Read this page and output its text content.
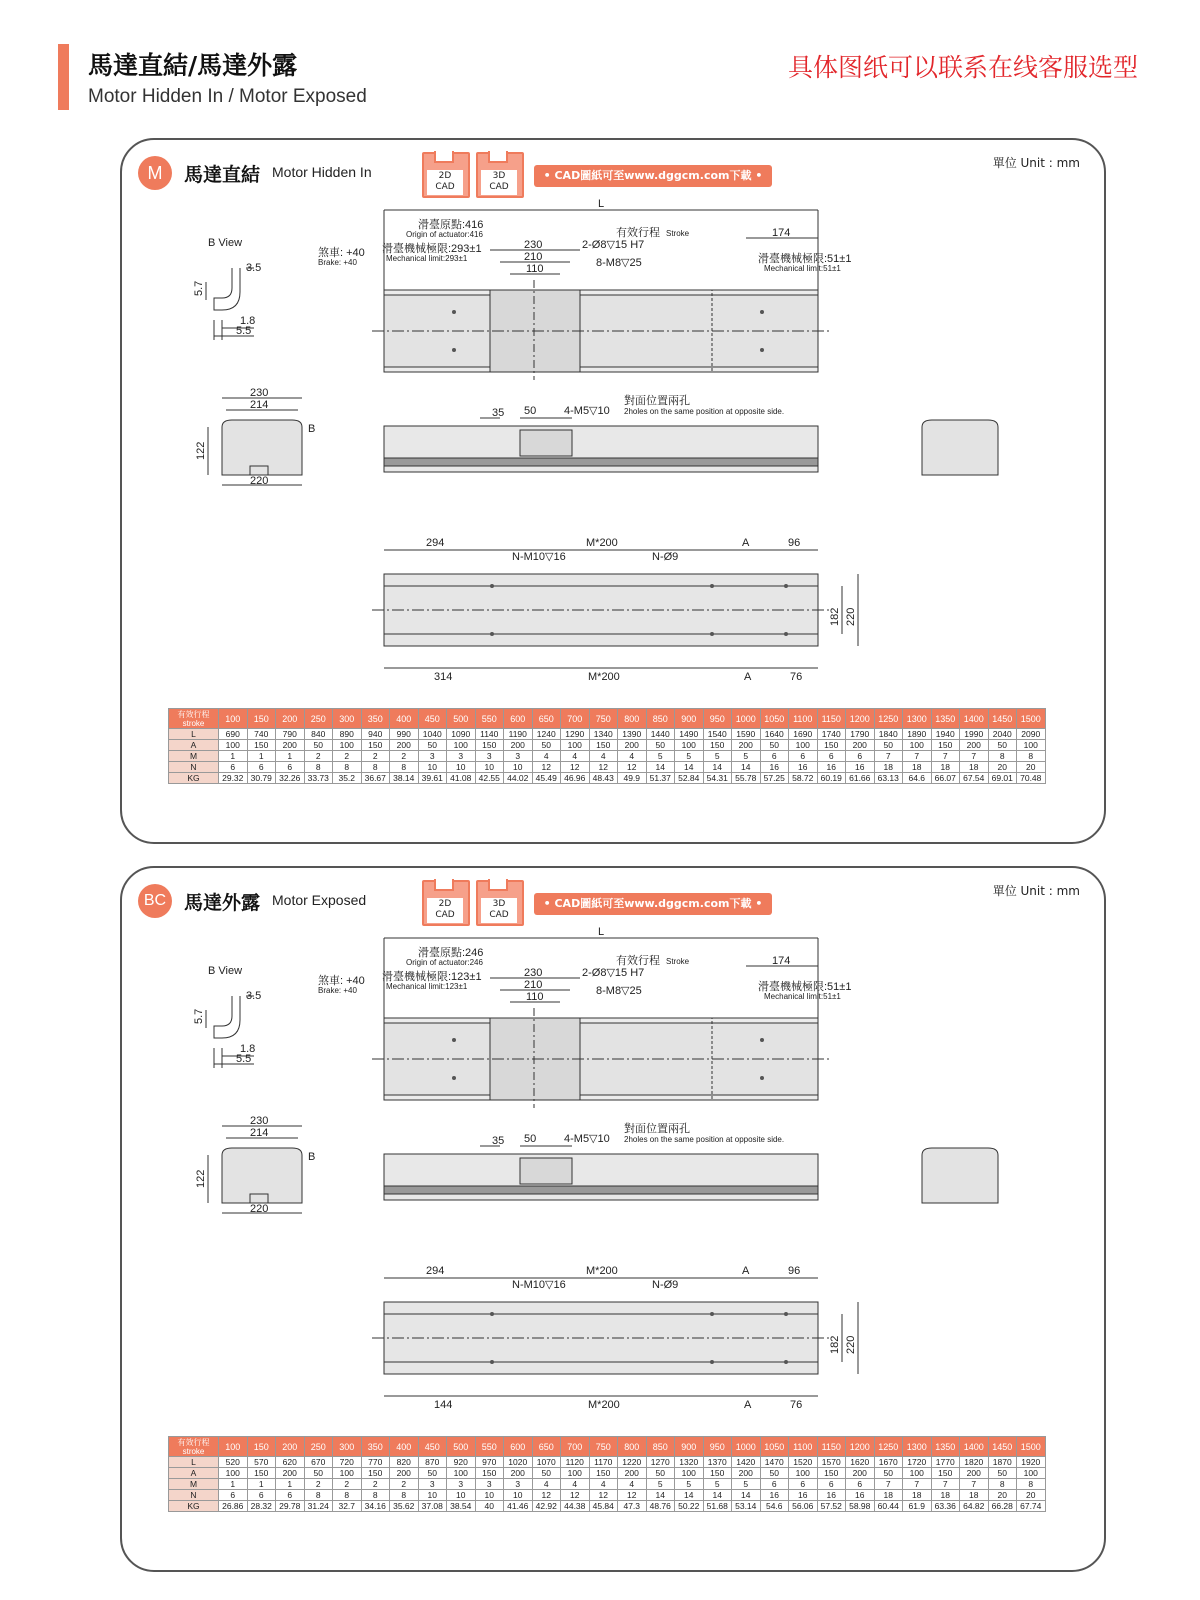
馬達直結/馬達外露
Motor Hidden In / Motor Exposed
具体图纸可以联系在线客服选型
M	馬達直結 Motor Hidden In
單位 Unit : mm
2D
CAD
3D
CAD
• CAD圖紙可至www.dggcm.com下載 •
B View
3.5
5.7
1.8
5.5
L
滑臺原點:416
Origin of actuator:416	有效行程 Stroke	174
煞車: +40
Brake: +40
滑臺機械極限:293±1
Mechanical limit:293±1	滑臺機械極限:51±1
Mechanical limit:51±1
230
210
110
2-Ø8▽15 H7
8-M8▽25
230
214
122
220
B
35 50	4-M5▽10
對面位置兩孔
2holes on the same position at opposite side.
294	M*200	A	96
N-M10▽16	N-Ø9
182 220
314	M*200	A	76
有效行程
stroke	100	150	200	250	300	350	400	450	500	550	600	650	700	750	800	850	900	950	1000	1050	1100	1150	1200	1250	1300	1350	1400	1450	1500
L	690	740	790	840	890	940	990	1040	1090	1140	1190	1240	1290	1340	1390	1440	1490	1540	1590	1640	1690	1740	1790	1840	1890	1940	1990	2040	2090
A	100	150	200	50	100	150	200	50	100	150	200	50	100	150	200	50	100	150	200	50	100	150	200	50	100	150	200	50	100
M	1	1	1	2	2	2	2	3	3	3	3	4	4	4	4	5	5	5	5	6	6	6	6	7	7	7	7	8	8
N	6	6	6	8	8	8	8	10	10	10	10	12	12	12	12	14	14	14	14	16	16	16	16	18	18	18	18	20	20
KG	29.32	30.79	32.26	33.73	35.2	36.67	38.14	39.61	41.08	42.55	44.02	45.49	46.96	48.43	49.9	51.37	52.84	54.31	55.78	57.25	58.72	60.19	61.66	63.13	64.6	66.07	67.54	69.01	70.48
BC 馬達外露 Motor Exposed
單位 Unit : mm
2D
CAD
3D
CAD
• CAD圖紙可至www.dggcm.com下載 •
B View
3.5
5.7
1.8
5.5
L
滑臺原點:246
Origin of actuator:246	有效行程 Stroke	174
煞車: +40
Brake: +40
滑臺機械極限:123±1
Mechanical limit:123±1	滑臺機械極限:51±1
Mechanical limit:51±1
230
210
110
2-Ø8▽15 H7
8-M8▽25
230
214
122
220
B
35 50	4-M5▽10
對面位置兩孔
2holes on the same position at opposite side.
294	M*200	A	96
N-M10▽16	N-Ø9
182 220
144	M*200	A	76
有效行程
stroke	100	150	200	250	300	350	400	450	500	550	600	650	700	750	800	850	900	950	1000	1050	1100	1150	1200	1250	1300	1350	1400	1450	1500
L	520	570	620	670	720	770	820	870	920	970	1020	1070	1120	1170	1220	1270	1320	1370	1420	1470	1520	1570	1620	1670	1720	1770	1820	1870	1920
A	100	150	200	50	100	150	200	50	100	150	200	50	100	150	200	50	100	150	200	50	100	150	200	50	100	150	200	50	100
M	1	1	1	2	2	2	2	3	3	3	3	4	4	4	4	5	5	5	5	6	6	6	6	7	7	7	7	8	8
N	6	6	6	8	8	8	8	10	10	10	10	12	12	12	12	14	14	14	14	16	16	16	16	18	18	18	18	20	20
KG	26.86	28.32	29.78	31.24	32.7	34.16	35.62	37.08	38.54	40	41.46	42.92	44.38	45.84	47.3	48.76	50.22	51.68	53.14	54.6	56.06	57.52	58.98	60.44	61.9	63.36	64.82	66.28	67.74
